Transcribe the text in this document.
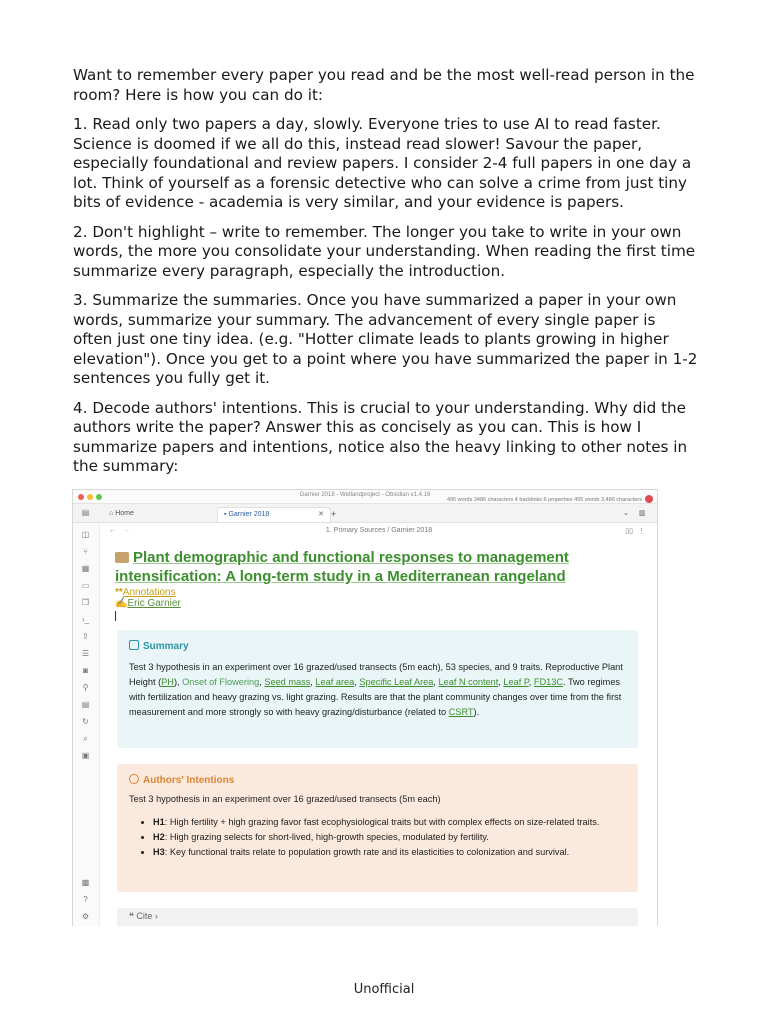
Want to remember every paper you read and be the most well-read person in the room? Here is how you can do it:

1. Read only two papers a day, slowly. Everyone tries to use AI to read faster. Science is doomed if we all do this, instead read slower! Savour the paper, especially foundational and review papers. I consider 2-4 full papers in one day a lot. Think of yourself as a forensic detective who can solve a crime from just tiny bits of evidence - academia is very similar, and your evidence is papers.

2. Don't highlight – write to remember. The longer you take to write in your own words, the more you consolidate your understanding. When reading the first time summarize every paragraph, especially the introduction.

3. Summarize the summaries. Once you have summarized a paper in your own words, summarize your summary. The advancement of every single paper is often just one tiny idea. (e.g. "Hotter climate leads to plants growing in higher elevation"). Once you get to a point where you have summarized the paper in 1-2 sentences you fully get it.

4. Decode authors' intentions. This is crucial to your understanding. Why did the authors write the paper? Answer this as concisely as you can. This is how I summarize papers and intentions, notice also the heavy linking to other notes in the summary:

Garnier 2018 - Wetlandproject - Obsidian v1.4.16
▤	⌂ Home	▪ Garnier 2018	✕ +	⌄ ▥
◫
⑂
▦
▭
❐
›_
⇪
☰
◙
⚲
▤
↻
⌕
▣
▩
?
⚙
← →	1. Primary Sources / Garnier 2018	▯▯ ⋮
Plant demographic and functional responses to management intensification: A long-term study in a Mediterranean rangeland
**Annotations
✍Eric Garnier
Summary
Test 3 hypothesis in an experiment over 16 grazed/used transects (5m each), 53 species, and 9 traits. Reproductive Plant Height (PH), Onset of Flowering, Seed mass, Leaf area, Specific Leaf Area, Leaf N content, Leaf P, FD13C. Two regimes with fertilization and heavy grazing vs. light grazing. Results are that the plant community changes over time from the first measurement and more strongly so with heavy grazing/disturbance (related to CSRT).
Authors' Intentions
Test 3 hypothesis in an experiment over 16 grazed/used transects (5m each)
• H1: High fertility + high grazing favor fast ecophysiological traits but with complex effects on size-related traits.
• H2: High grazing selects for short-lived, high-growth species, modulated by fertility.
• H3: Key functional traits relate to population growth rate and its elasticities to colonization and survival.
❝ Cite ›
495 words 3486 characters 4 backlinks 6 properties 495 words 3,486 characters
Unofficial
